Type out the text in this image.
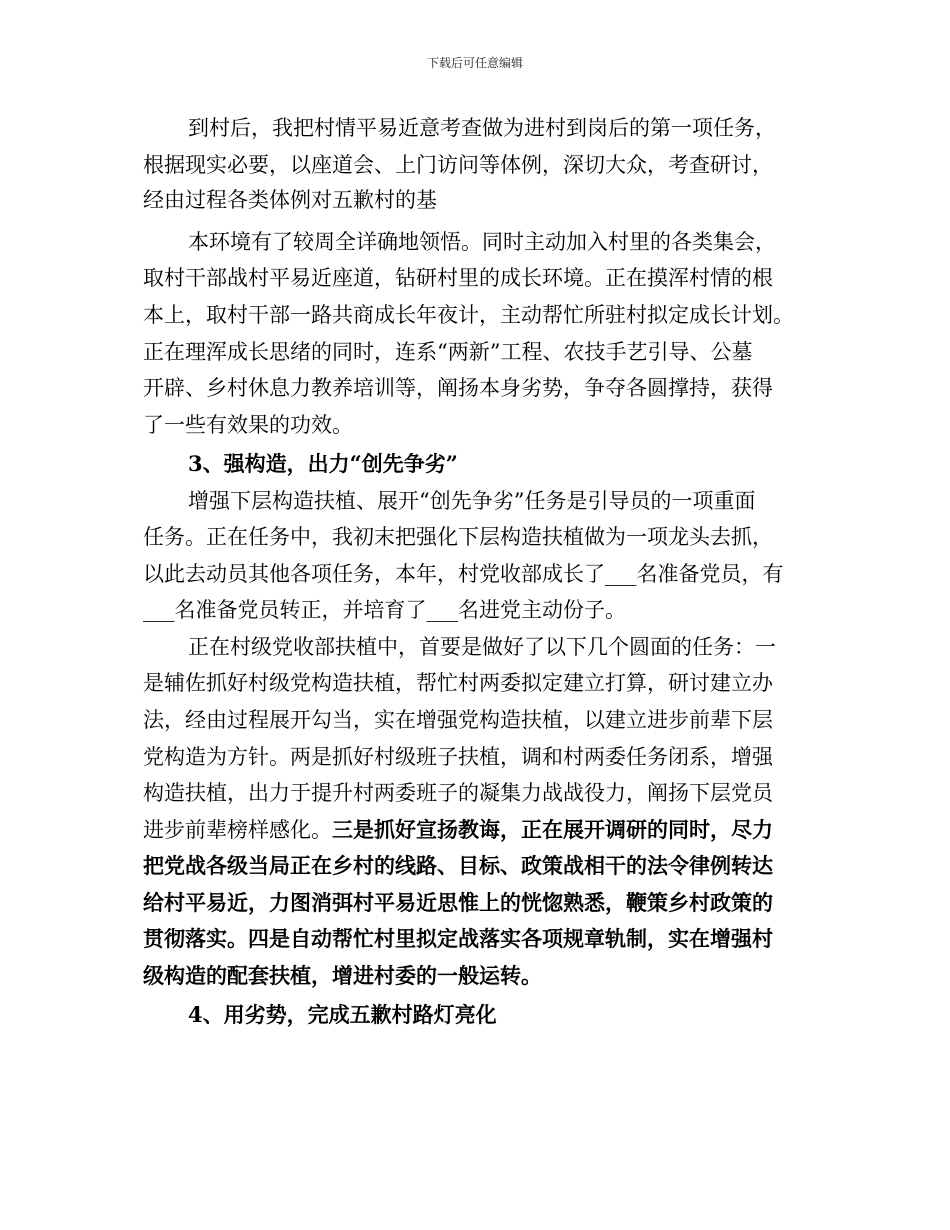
下载后可任意编辑
到村后，我把村情平易近意考查做为进村到岗后的第一项任务，
根据现实必要，以座道会、上门访问等体例，深切大众，考查研讨，
经由过程各类体例对五歉村的基
本环境有了较周全详确地领悟。同时主动加入村里的各类集会，
取村干部战村平易近座道，钻研村里的成长环境。正在摸浑村情的根
本上，取村干部一路共商成长年夜计，主动帮忙所驻村拟定成长计划。
正在理浑成长思绪的同时，连系“两新”工程、农技手艺引导、公墓
开辟、乡村休息力教养培训等，阐扬本身劣势，争夺各圆撑持，获得
了一些有效果的功效。
3、强构造，出力“创先争劣”
增强下层构造扶植、展开“创先争劣”任务是引导员的一项重面
任务。正在任务中，我初末把强化下层构造扶植做为一项龙头去抓，
以此去动员其他各项任务，本年，村党收部成长了___名准备党员，有
___名准备党员转正，并培育了___名进党主动份子。
正在村级党收部扶植中，首要是做好了以下几个圆面的任务：一
是辅佐抓好村级党构造扶植，帮忙村两委拟定建立打算，研讨建立办
法，经由过程展开勾当，实在增强党构造扶植，以建立进步前辈下层
党构造为方针。两是抓好村级班子扶植，调和村两委任务闭系，增强
构造扶植，出力于提升村两委班子的凝集力战战役力，阐扬下层党员
进步前辈榜样感化。三是抓好宣扬教诲，正在展开调研的同时，尽力
把党战各级当局正在乡村的线路、目标、政策战相干的法令律例转达
给村平易近，力图消弭村平易近思惟上的恍惚熟悉，鞭策乡村政策的
贯彻落实。四是自动帮忙村里拟定战落实各项规章轨制，实在增强村
级构造的配套扶植，增进村委的一般运转。
4、用劣势，完成五歉村路灯亮化
